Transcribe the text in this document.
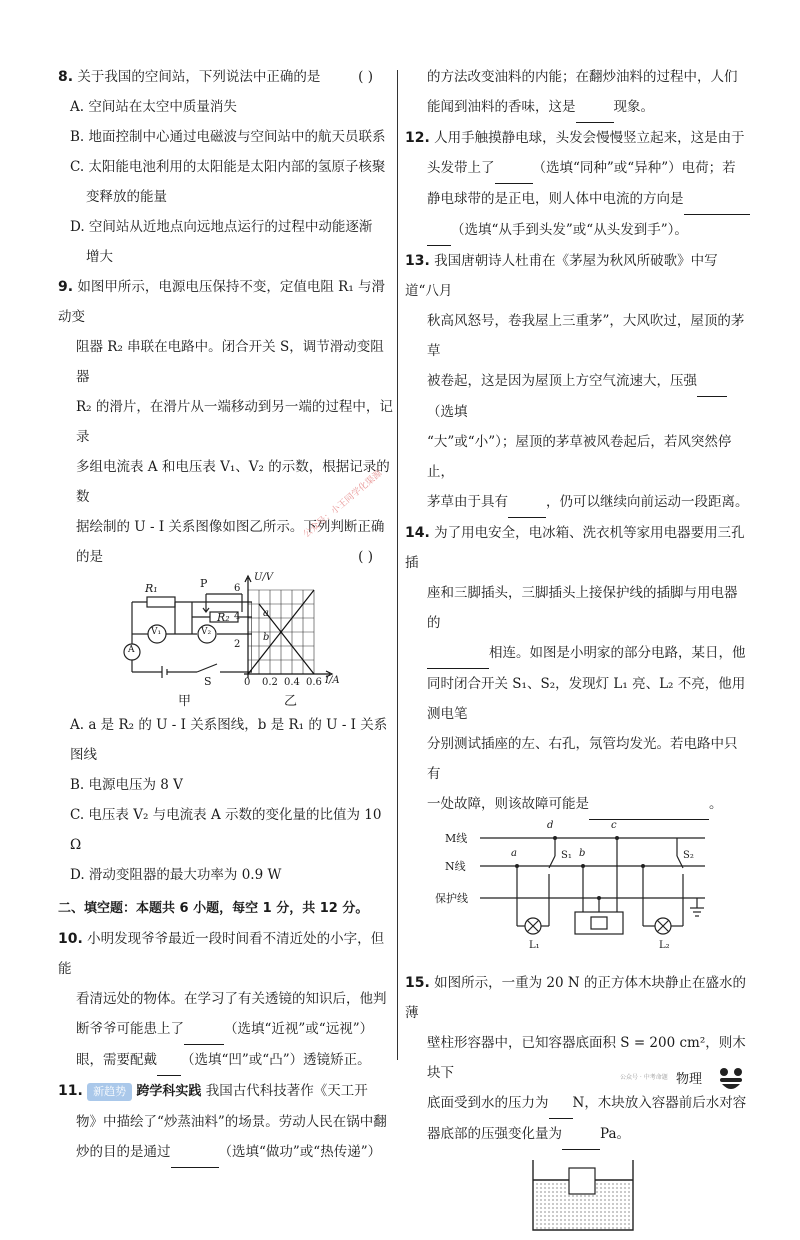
8. 关于我国的空间站，下列说法中正确的是	( )

A. 空间站在太空中质量消失

B. 地面控制中心通过电磁波与空间站中的航天员联系

C. 太阳能电池利用的太阳能是太阳内部的氢原子核聚

变释放的能量

D. 空间站从近地点向远地点运行的过程中动能逐渐

增大

9. 如图甲所示，电源电压保持不变，定值电阻 R₁ 与滑动变

阻器 R₂ 串联在电路中。闭合开关 S，调节滑动变阻器

R₂ 的滑片，在滑片从一端移动到另一端的过程中，记录

多组电流表 A 和电压表 V₁、V₂ 的示数，根据记录的数

据绘制的 U - I 关系图像如图乙所示。下列判断正确

的是	( )

R₁	P
R₂
V₁	V₂
A
S
甲
U/V
6
4
2
0 0.2 0.4 0.6 I/A
a
b
乙

A. a 是 R₂ 的 U - I 关系图线，b 是 R₁ 的 U - I 关系图线

B. 电源电压为 8 V

C. 电压表 V₂ 与电流表 A 示数的变化量的比值为 10 Ω

D. 滑动变阻器的最大功率为 0.9 W

二、填空题：本题共 6 小题，每空 1 分，共 12 分。

10. 小明发现爷爷最近一段时间看不清近处的小字，但能

看清远处的物体。在学习了有关透镜的知识后，他判

断爷爷可能患上了	（选填“近视”或“远视”）

眼，需要配戴 （选填“凹”或“凸”）透镜矫正。

11. 新趋势 跨学科实践 我国古代科技著作《天工开

物》中描绘了“炒蒸油料”的场景。劳动人民在锅中翻

炒的目的是通过	（选填“做功”或“热传递”）

的方法改变油料的内能；在翻炒油料的过程中，人们

能闻到油料的香味，这是	现象。

12. 人用手触摸静电球，头发会慢慢竖立起来，这是由于

头发带上了	（选填“同种”或“异种”）电荷；若

静电球带的是正电，则人体中电流的方向是

（选填“从手到头发”或“从头发到手”）。

13. 我国唐朝诗人杜甫在《茅屋为秋风所破歌》中写道“八月

秋高风怒号，卷我屋上三重茅”，大风吹过，屋顶的茅草

被卷起，这是因为屋顶上方空气流速大，压强 （选填

“大”或“小”）；屋顶的茅草被风卷起后，若风突然停止，

茅草由于具有	，仍可以继续向前运动一段距离。

14. 为了用电安全，电冰箱、洗衣机等家用电器要用三孔插

座和三脚插头，三脚插头上接保护线的插脚与用电器的

相连。如图是小明家的部分电路，某日，他

同时闭合开关 S₁、S₂，发现灯 L₁ 亮、L₂ 不亮，他用测电笔

分别测试插座的左、右孔，氖管均发光。若电路中只有

一处故障，则该故障可能是	。

M线
N线
保护线
a	b
c
d
S₁	S₂
L₁	L₂

15. 如图所示，一重为 20 N 的正方体木块静止在盛水的薄

壁柱形容器中，已知容器底面积 S = 200 cm²，则木块下

底面受到水的压力为 N，木块放入容器前后水对容

器底部的压强变化量为	Pa。

公众号：小王同学化渠源
公众号 · 中考命题 物理
